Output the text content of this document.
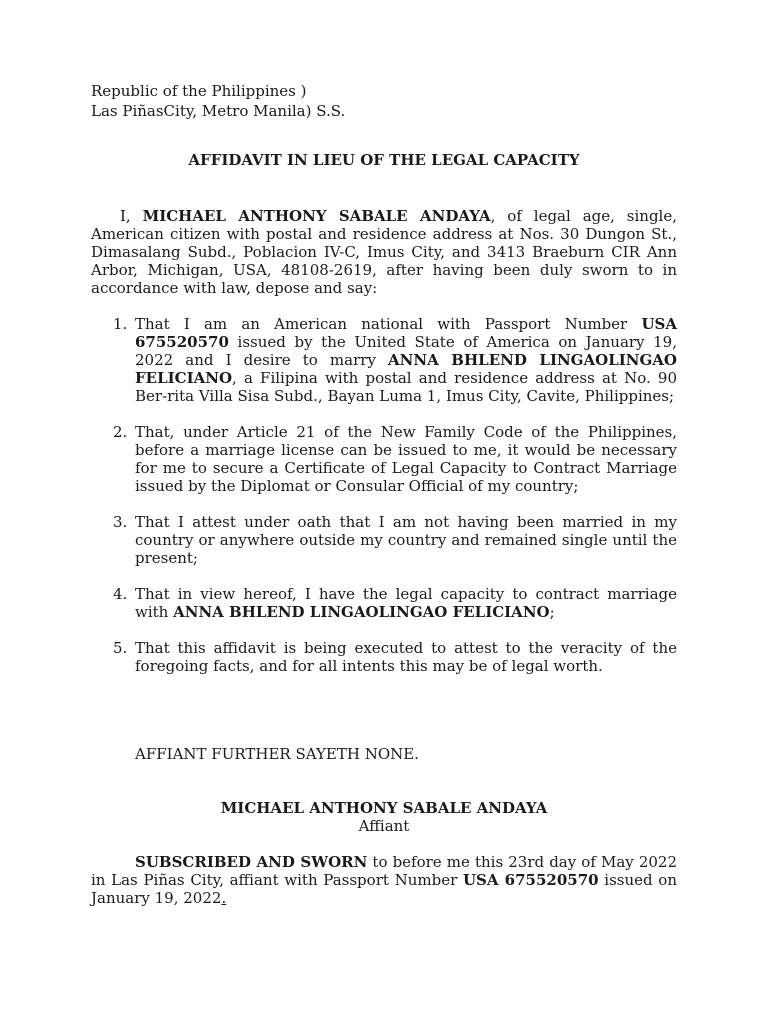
Republic of the Philippines )
Las PiñasCity, Metro Manila) S.S.
AFFIDAVIT IN LIEU OF THE LEGAL CAPACITY
I, MICHAEL ANTHONY SABALE ANDAYA, of legal age, single, American citizen with postal and residence address at Nos. 30 Dungon St., Dimasalang Subd., Poblacion IV-C, Imus City, and 3413 Braeburn CIR Ann Arbor, Michigan, USA, 48108-2619, after having been duly sworn to in accordance with law, depose and say:
1. That I am an American national with Passport Number USA 675520570 issued by the United State of America on January 19, 2022 and I desire to marry ANNA BHLEND LINGAOLINGAO FELICIANO, a Filipina with postal and residence address at No. 90 Ber-rita Villa Sisa Subd., Bayan Luma 1, Imus City, Cavite, Philippines;
2. That, under Article 21 of the New Family Code of the Philippines, before a marriage license can be issued to me, it would be necessary for me to secure a Certificate of Legal Capacity to Contract Marriage issued by the Diplomat or Consular Official of my country;
3. That I attest under oath that I am not having been married in my country or anywhere outside my country and remained single until the present;
4. That in view hereof, I have the legal capacity to contract marriage with ANNA BHLEND LINGAOLINGAO FELICIANO;
5. That this affidavit is being executed to attest to the veracity of the foregoing facts, and for all intents this may be of legal worth.
AFFIANT FURTHER SAYETH NONE.
MICHAEL ANTHONY SABALE ANDAYA
Affiant
SUBSCRIBED AND SWORN to before me this 23rd day of May 2022 in Las Piñas City, affiant with Passport Number USA 675520570 issued on January 19, 2022.
